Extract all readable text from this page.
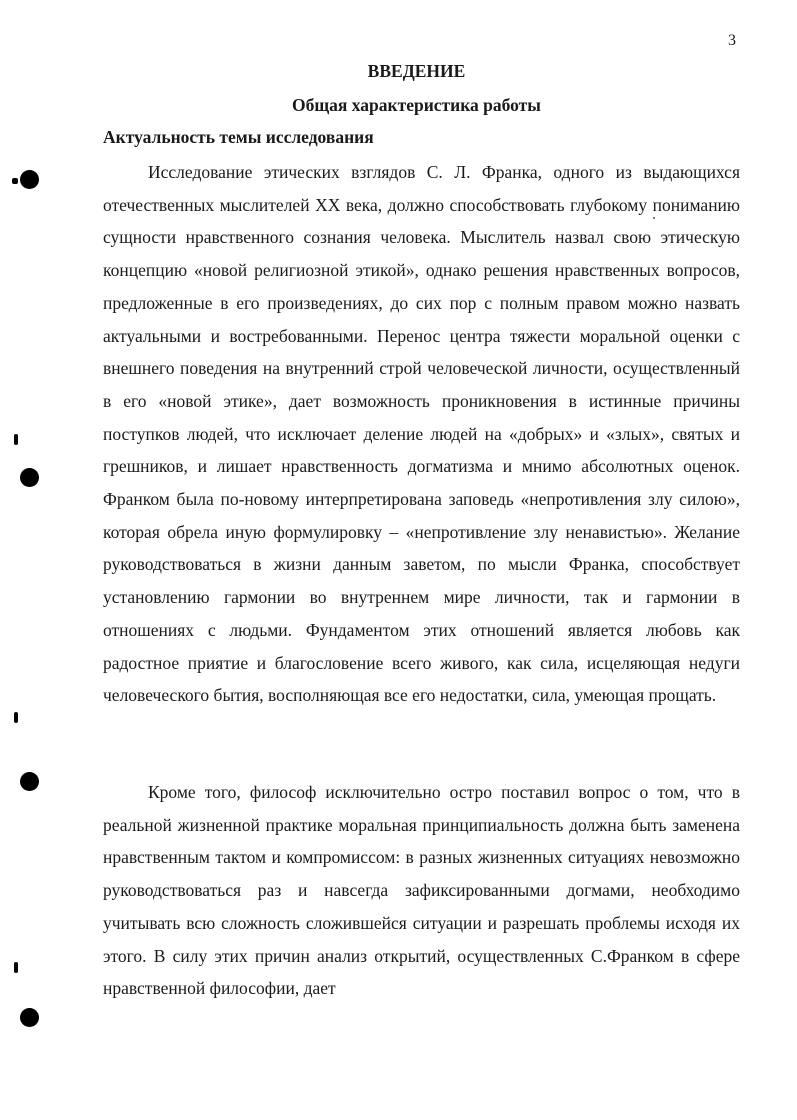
3
ВВЕДЕНИЕ
Общая характеристика работы
Актуальность темы исследования

Исследование этических взглядов С. Л. Франка, одного из выдающихся отечественных мыслителей XX века, должно способствовать глубокому пониманию сущности нравственного сознания человека. Мыслитель назвал свою этическую концепцию «новой религиозной этикой», однако решения нравственных вопросов, предложенные в его произведениях, до сих пор с полным правом можно назвать актуальными и востребованными. Перенос центра тяжести моральной оценки с внешнего поведения на внутренний строй человеческой личности, осуществленный в его «новой этике», дает возможность проникновения в истинные причины поступков людей, что исключает деление людей на «добрых» и «злых», святых и грешников, и лишает нравственность догматизма и мнимо абсолютных оценок. Франком была по-новому интерпретирована заповедь «непротивления злу силою», которая обрела иную формулировку – «непротивление злу ненавистью». Желание руководствоваться в жизни данным заветом, по мысли Франка, способствует установлению гармонии во внутреннем мире личности, так и гармонии в отношениях с людьми. Фундаментом этих отношений является любовь как радостное приятие и благословение всего живого, как сила, исцеляющая недуги человеческого бытия, восполняющая все его недостатки, сила, умеющая прощать.

Кроме того, философ исключительно остро поставил вопрос о том, что в реальной жизненной практике моральная принципиальность должна быть заменена нравственным тактом и компромиссом: в разных жизненных ситуациях невозможно руководствоваться раз и навсегда зафиксированными догмами, необходимо учитывать всю сложность сложившейся ситуации и разрешать проблемы исходя их этого. В силу этих причин анализ открытий, осуществленных С.Франком в сфере нравственной философии, дает
